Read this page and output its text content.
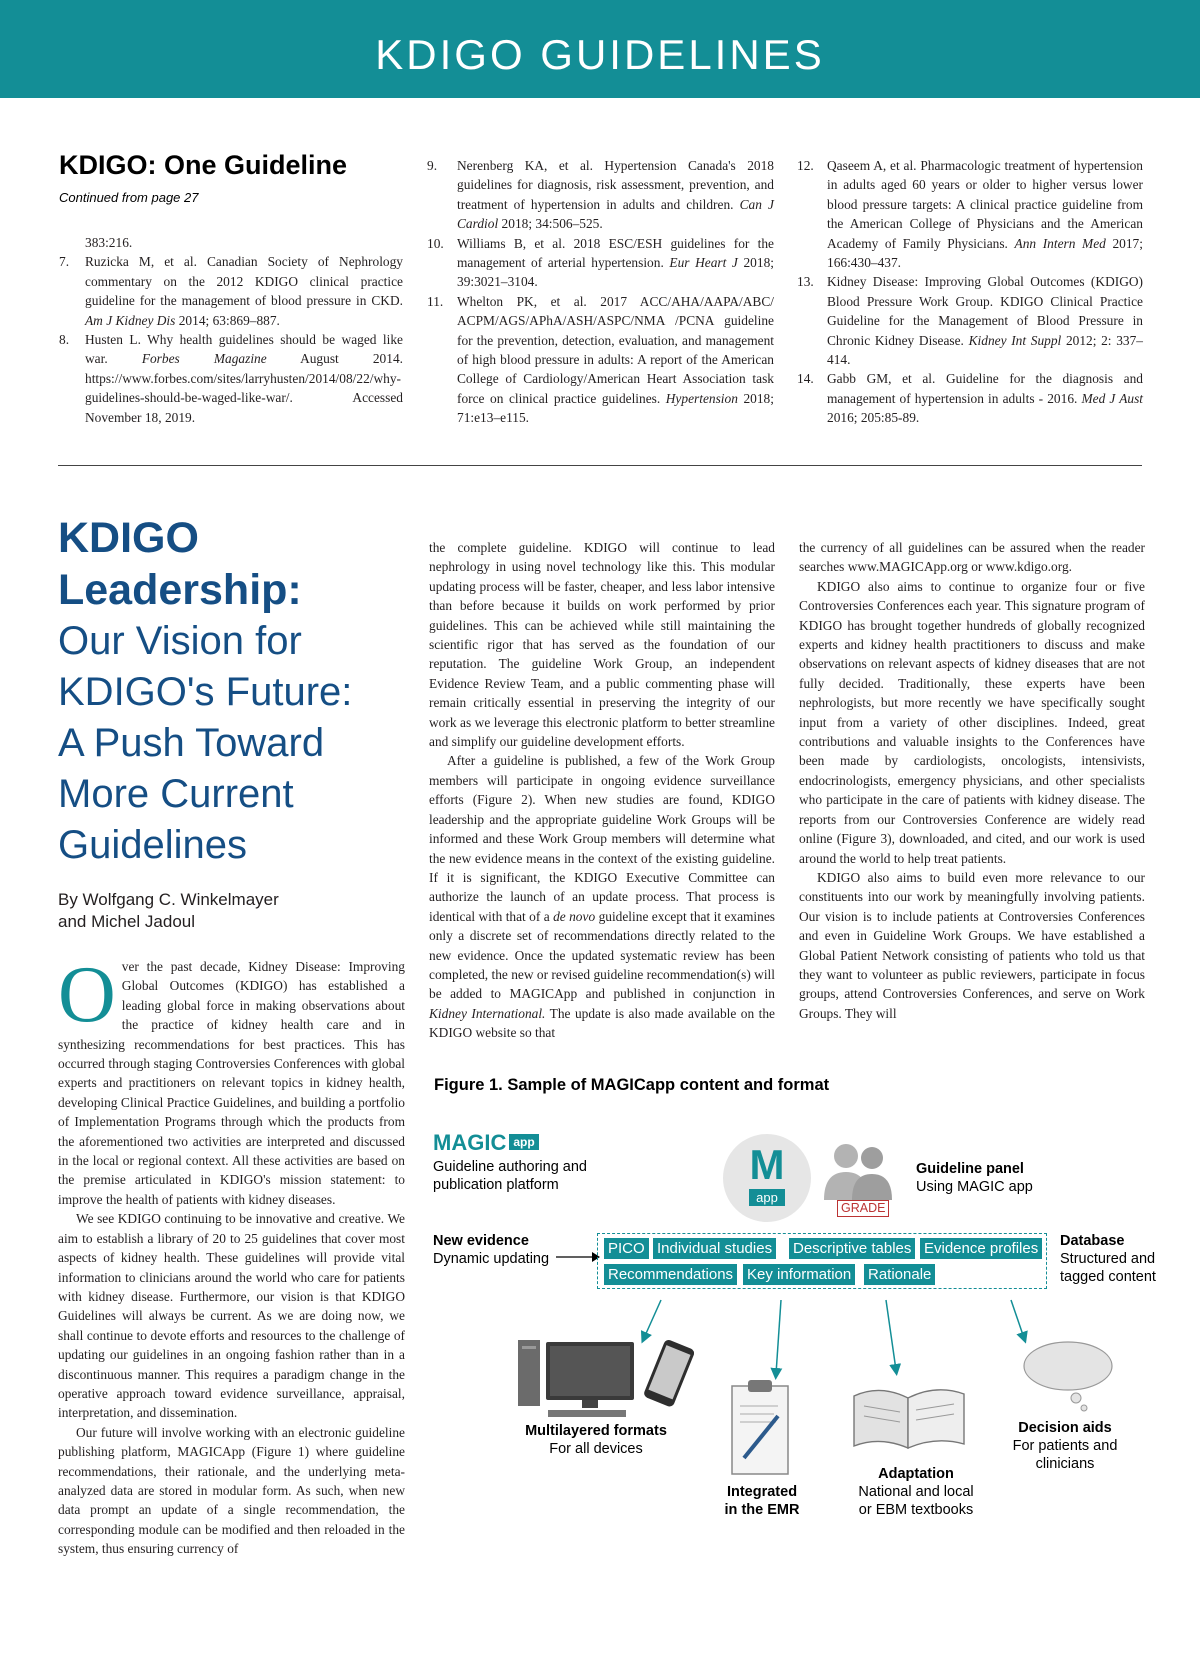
KDIGO GUIDELINES
KDIGO: One Guideline
Continued from page 27
383:216.
7. Ruzicka M, et al. Canadian Society of Nephrology commentary on the 2012 KDIGO clinical practice guideline for the management of blood pressure in CKD. Am J Kidney Dis 2014; 63:869–887.
8. Husten L. Why health guidelines should be waged like war.	Forbes Magazine August 2014. https://www.forbes.com/sites/larryhusten/2014/08/22/why-guidelines-should-be-waged-like-war/. Accessed November 18, 2019.
9. Nerenberg KA, et al. Hypertension Canada's 2018 guidelines for diagnosis, risk assessment, prevention, and treatment of hypertension in adults and children. Can J Cardiol 2018; 34:506–525.
10. Williams B, et al. 2018 ESC/ESH guidelines for the management of arterial hypertension. Eur Heart J 2018; 39:3021–3104.
11. Whelton PK, et al. 2017 ACC/AHA/AAPA/ABC/ ACPM/AGS/APhA/ASH/ASPC/NMA /PCNA guideline for the prevention, detection, evaluation, and management of high blood pressure in adults: A report of the American College of Cardiology/American Heart Association task force on clinical practice guidelines. Hypertension 2018; 71:e13–e115.
12. Qaseem A, et al. Pharmacologic treatment of hypertension in adults aged 60 years or older to higher versus lower blood pressure targets: A clinical practice guideline from the American College of Physicians and the American Academy of Family Physicians. Ann Intern Med 2017; 166:430–437.
13. Kidney Disease: Improving Global Outcomes (KDIGO) Blood Pressure Work Group. KDIGO Clinical Practice Guideline for the Management of Blood Pressure in Chronic Kidney Disease. Kidney Int Suppl 2012; 2: 337–414.
14. Gabb GM, et al. Guideline for the diagnosis and management of hypertension in adults - 2016. Med J Aust 2016; 205:85-89.
KDIGO
Leadership:
Our Vision for
KDIGO's Future:
A Push Toward
More Current
Guidelines
By Wolfgang C. Winkelmayer
and Michel Jadoul

Over the past decade, Kidney Disease: Improving Global Outcomes (KDIGO) has established a leading global force in making observations about the practice of kidney health care and in synthesizing recommendations for best practices. This has occurred through staging Controversies Conferences with global experts and practitioners on relevant topics in kidney health, developing Clinical Practice Guidelines, and building a portfolio of Implementation Programs through which the products from the aforementioned two activities are interpreted and discussed in the local or regional context. All these activities are based on the premise articulated in KDIGO's mission statement: to improve the health of patients with kidney diseases.

We see KDIGO continuing to be innovative and creative. We aim to establish a library of 20 to 25 guidelines that cover most aspects of kidney health. These guidelines will provide vital information to clinicians around the world who care for patients with kidney disease. Furthermore, our vision is that KDIGO Guidelines will always be current. As we are doing now, we shall continue to devote efforts and resources to the challenge of updating our guidelines in an ongoing fashion rather than in a discontinuous manner. This requires a paradigm change in the operative approach toward evidence surveillance, appraisal, interpretation, and dissemination.

Our future will involve working with an electronic guideline publishing platform, MAGICApp (Figure 1) where guideline recommendations, their rationale, and the underlying meta-analyzed data are stored in modular form. As such, when new data prompt an update of a single recommendation, the corresponding module can be modified and then reloaded in the system, thus ensuring currency of

the complete guideline. KDIGO will continue to lead nephrology in using novel technology like this. This modular updating process will be faster, cheaper, and less labor intensive than before because it builds on work performed by prior guidelines. This can be achieved while still maintaining the scientific rigor that has served as the foundation of our reputation. The guideline Work Group, an independent Evidence Review Team, and a public commenting phase will remain critically essential in preserving the integrity of our work as we leverage this electronic platform to better streamline and simplify our guideline development efforts.

After a guideline is published, a few of the Work Group members will participate in ongoing evidence surveillance efforts (Figure 2). When new studies are found, KDIGO leadership and the appropriate guideline Work Groups will be informed and these Work Group members will determine what the new evidence means in the context of the existing guideline. If it is significant, the KDIGO Executive Committee can authorize the launch of an update process. That process is identical with that of a de novo guideline except that it examines only a discrete set of recommendations directly related to the new evidence. Once the updated systematic review has been completed, the new or revised guideline recommendation(s) will be added to MAGICApp and published in conjunction in Kidney International. The update is also made available on the KDIGO website so that

the currency of all guidelines can be assured when the reader searches www.MAGICApp.org or www.kdigo.org.

KDIGO also aims to continue to organize four or five Controversies Conferences each year. This signature program of KDIGO has brought together hundreds of globally recognized experts and kidney health practitioners to discuss and make observations on relevant aspects of kidney diseases that are not fully decided. Traditionally, these experts have been nephrologists, but more recently we have specifically sought input from a variety of other disciplines. Indeed, great contributions and valuable insights to the Conferences have been made by cardiologists, oncologists, intensivists, endocrinologists, emergency physicians, and other specialists who participate in the care of patients with kidney disease. The reports from our Controversies Conference are widely read online (Figure 3), downloaded, and cited, and our work is used around the world to help treat patients.

KDIGO also aims to build even more relevance to our constituents into our work by meaningfully involving patients. Our vision is to include patients at Controversies Conferences and even in Guideline Work Groups. We have established a Global Patient Network consisting of patients who told us that they want to volunteer as public reviewers, participate in focus groups, attend Controversies Conferences, and serve on Work Groups. They will

Figure 1. Sample of MAGICapp content and format
MAGIC app
Guideline authoring and
publication platform	M
app
GRADE
Guideline panel
Using MAGIC app
New evidence
Dynamic updating
PICO Individual studies Descriptive tables Evidence profiles
Recommendations Key information Rationale
Database
Structured and
tagged content
Multilayered formats
For all devices
Integrated
in the EMR
Adaptation
National and local
or EBM textbooks
Decision aids
For patients and
clinicians
